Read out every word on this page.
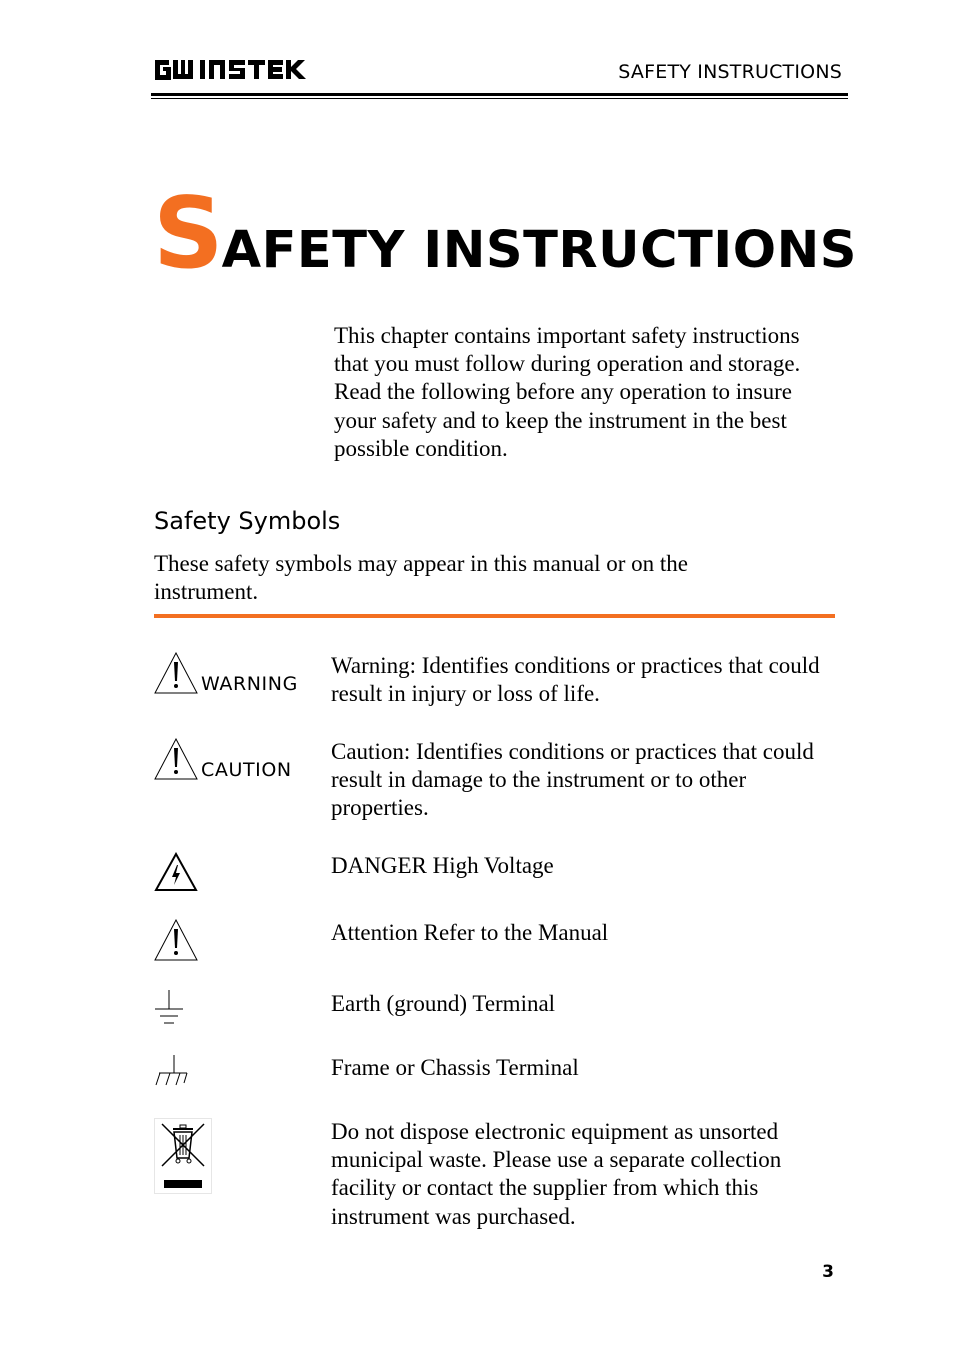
SAFETY INSTRUCTIONS
SAFETY INSTRUCTIONS

This chapter contains important safety instructions that you must follow during operation and storage. Read the following before any operation to insure your safety and to keep the instrument in the best possible condition.

Safety Symbols

These safety symbols may appear in this manual or on the instrument.

WARNING

Warning: Identifies conditions or practices that could result in injury or loss of life.

CAUTION

Caution: Identifies conditions or practices that could result in damage to the instrument or to other properties.

DANGER High Voltage

Attention Refer to the Manual

Earth (ground) Terminal

Frame or Chassis Terminal

Do not dispose electronic equipment as unsorted municipal waste. Please use a separate collection facility or contact the supplier from which this instrument was purchased.

3
